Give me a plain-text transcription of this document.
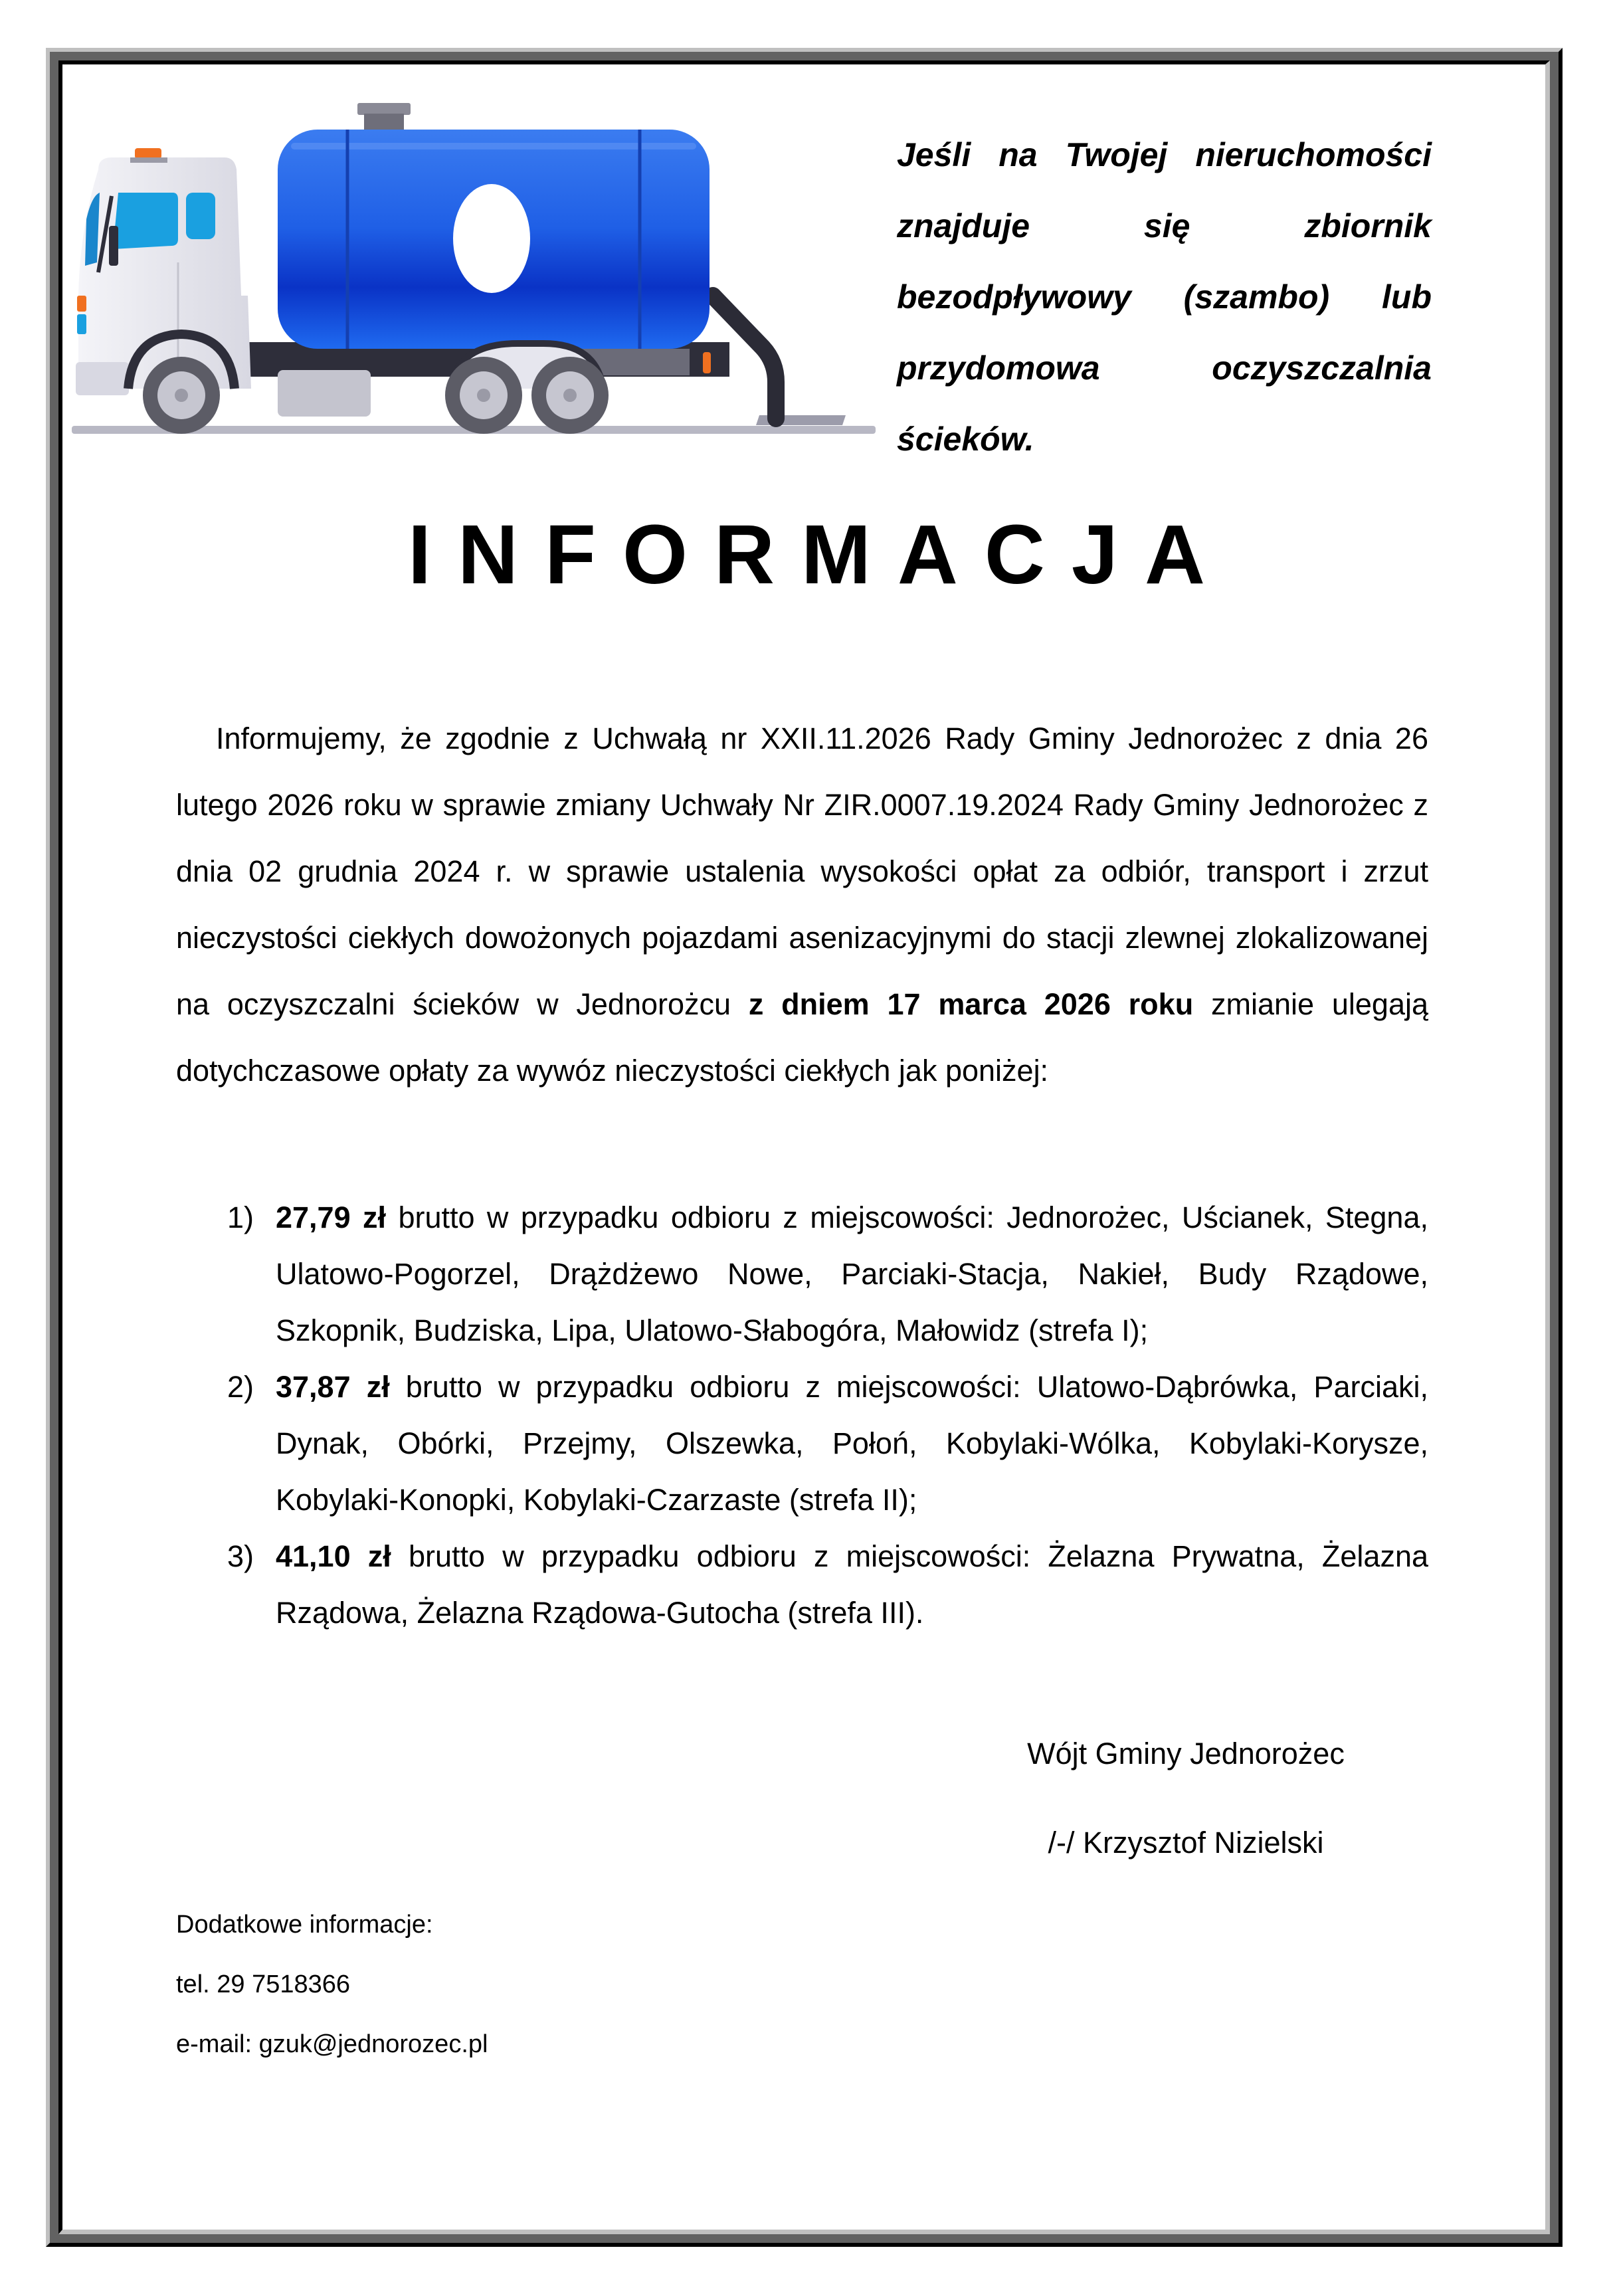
Jeśli na Twojej nieruchomości
znajduje się zbiornik
bezodpływowy (szambo) lub
przydomowa oczyszczalnia
ścieków.

INFORMACJA

Informujemy, że zgodnie z Uchwałą nr XXII.11.2026 Rady Gminy Jednorożec z dnia 26 lutego 2026 roku w sprawie zmiany Uchwały Nr ZIR.0007.19.2024 Rady Gminy Jednorożec z dnia 02 grudnia 2024 r. w sprawie ustalenia wysokości opłat za odbiór, transport i zrzut nieczystości ciekłych dowożonych pojazdami asenizacyjnymi do stacji zlewnej zlokalizowanej na oczyszczalni ścieków w Jednorożcu z dniem 17 marca 2026 roku zmianie ulegają dotychczasowe opłaty za wywóz nieczystości ciekłych jak poniżej:

1) 27,79 zł brutto w przypadku odbioru z miejscowości: Jednorożec, Uścianek, Stegna, Ulatowo-Pogorzel, Drążdżewo Nowe, Parciaki-Stacja, Nakieł, Budy Rządowe, Szkopnik, Budziska, Lipa, Ulatowo-Słabogóra, Małowidz (strefa I);
2) 37,87 zł brutto w przypadku odbioru z miejscowości: Ulatowo-Dąbrówka, Parciaki, Dynak, Obórki, Przejmy, Olszewka, Połoń, Kobylaki-Wólka, Kobylaki-Korysze, Kobylaki-Konopki, Kobylaki-Czarzaste (strefa II);
3) 41,10 zł brutto w przypadku odbioru z miejscowości: Żelazna Prywatna, Żelazna Rządowa, Żelazna Rządowa-Gutocha (strefa III).

Wójt Gminy Jednorożec

/-/ Krzysztof Nizielski

Dodatkowe informacje:

tel. 29 7518366

e-mail: gzuk@jednorozec.pl
